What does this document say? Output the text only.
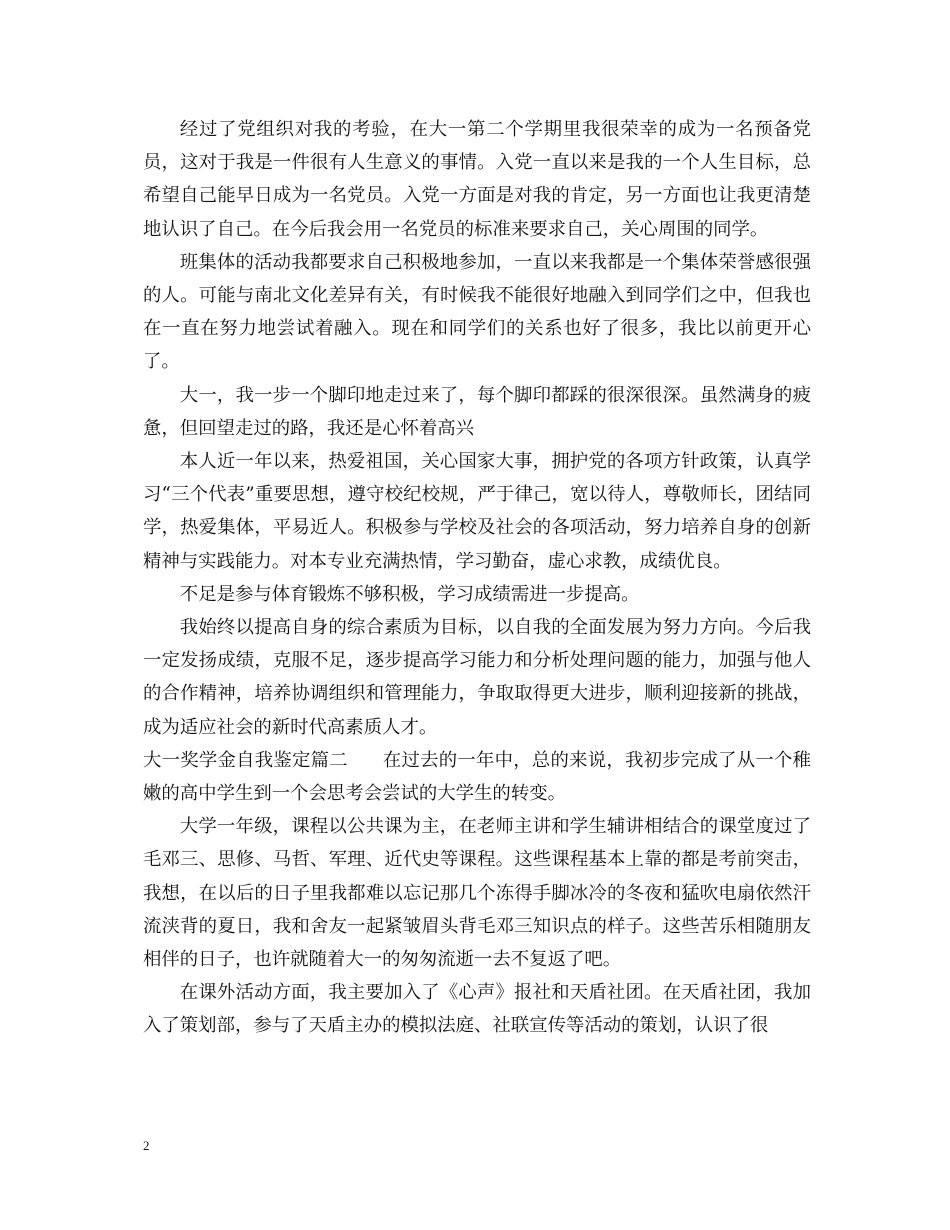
经过了党组织对我的考验，在大一第二个学期里我很荣幸的成为一名预备党员，这对于我是一件很有人生意义的事情。入党一直以来是我的一个人生目标，总希望自己能早日成为一名党员。入党一方面是对我的肯定，另一方面也让我更清楚地认识了自己。在今后我会用一名党员的标准来要求自己，关心周围的同学。

班集体的活动我都要求自己积极地参加，一直以来我都是一个集体荣誉感很强的人。可能与南北文化差异有关，有时候我不能很好地融入到同学们之中，但我也在一直在努力地尝试着融入。现在和同学们的关系也好了很多，我比以前更开心了。

大一，我一步一个脚印地走过来了，每个脚印都踩的很深很深。虽然满身的疲惫，但回望走过的路，我还是心怀着高兴

本人近一年以来，热爱祖国，关心国家大事，拥护党的各项方针政策，认真学习“三个代表”重要思想，遵守校纪校规，严于律己，宽以待人，尊敬师长，团结同学，热爱集体，平易近人。积极参与学校及社会的各项活动，努力培养自身的创新精神与实践能力。对本专业充满热情，学习勤奋，虚心求教，成绩优良。

不足是参与体育锻炼不够积极，学习成绩需进一步提高。

我始终以提高自身的综合素质为目标，以自我的全面发展为努力方向。今后我一定发扬成绩，克服不足，逐步提高学习能力和分析处理问题的能力，加强与他人的合作精神，培养协调组织和管理能力，争取取得更大进步，顺利迎接新的挑战，成为适应社会的新时代高素质人才。

大一奖学金自我鉴定篇二 在过去的一年中，总的来说，我初步完成了从一个稚嫩的高中学生到一个会思考会尝试的大学生的转变。

大学一年级，课程以公共课为主，在老师主讲和学生辅讲相结合的课堂度过了毛邓三、思修、马哲、军理、近代史等课程。这些课程基本上靠的都是考前突击，我想，在以后的日子里我都难以忘记那几个冻得手脚冰冷的冬夜和猛吹电扇依然汗流浃背的夏日，我和舍友一起紧皱眉头背毛邓三知识点的样子。这些苦乐相随朋友相伴的日子，也许就随着大一的匆匆流逝一去不复返了吧。

在课外活动方面，我主要加入了《心声》报社和天盾社团。在天盾社团，我加入了策划部，参与了天盾主办的模拟法庭、社联宣传等活动的策划，认识了很

2
